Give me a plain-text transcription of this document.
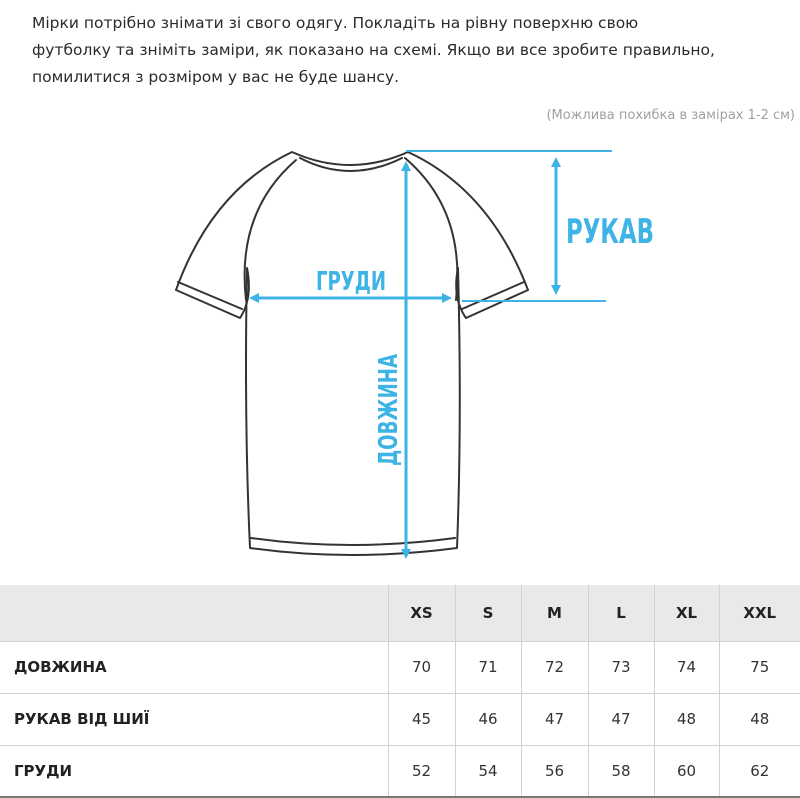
Мірки потрібно знімати зі свого одягу. Покладіть на рівну поверхню свою
футболку та зніміть заміри, як показано на схемі. Якщо ви все зробите правильно,
помилитися з розміром у вас не буде шансу.

(Можлива похибка в замірах 1-2 см)

РУКАВ
ГРУДИ
ДОВЖИНА
	XS	S	M	L	XL	XXL
ДОВЖИНА	70	71	72	73	74	75
РУКАВ ВІД ШИЇ	45	46	47	47	48	48
ГРУДИ	52	54	56	58	60	62
